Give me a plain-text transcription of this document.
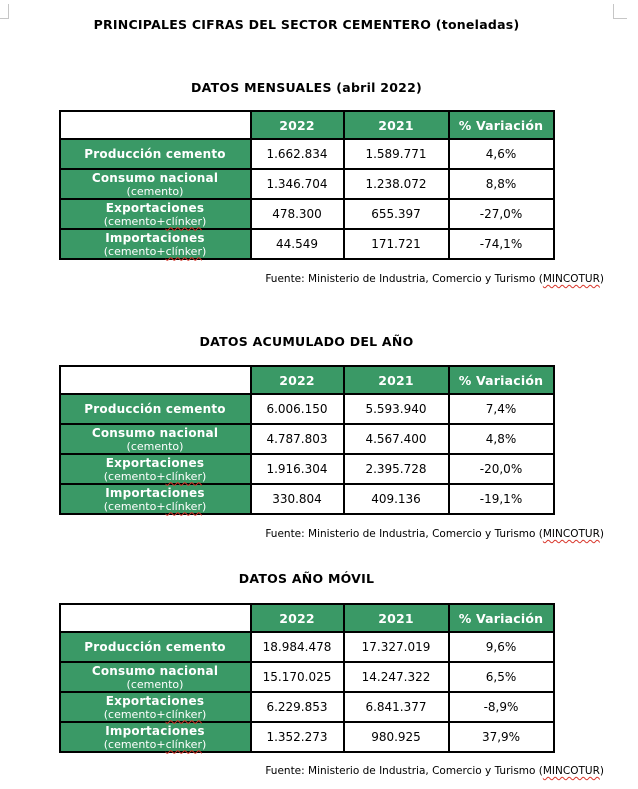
PRINCIPALES CIFRAS DEL SECTOR CEMENTERO (toneladas)
DATOS MENSUALES (abril 2022)
	2022	2021	% Variación

Producción cemento	1.662.834	1.589.771	4,6%

Consumo nacional
(cemento)	1.346.704	1.238.072	8,8%

Exportaciones
(cemento+clínker)	478.300	655.397	-27,0%

Importaciones
(cemento+clínker)	44.549	171.721	-74,1%

Fuente: Ministerio de Industria, Comercio y Turismo (MINCOTUR)

DATOS ACUMULADO DEL AÑO
	2022	2021	% Variación

Producción cemento	6.006.150	5.593.940	7,4%

Consumo nacional
(cemento)	4.787.803	4.567.400	4,8%

Exportaciones
(cemento+clínker)	1.916.304	2.395.728	-20,0%

Importaciones
(cemento+clínker)	330.804	409.136	-19,1%

Fuente: Ministerio de Industria, Comercio y Turismo (MINCOTUR)

DATOS AÑO MÓVIL
	2022	2021	% Variación

Producción cemento	18.984.478	17.327.019	9,6%

Consumo nacional
(cemento)	15.170.025	14.247.322	6,5%

Exportaciones
(cemento+clínker)	6.229.853	6.841.377	-8,9%

Importaciones
(cemento+clínker)	1.352.273	980.925	37,9%

Fuente: Ministerio de Industria, Comercio y Turismo (MINCOTUR)
